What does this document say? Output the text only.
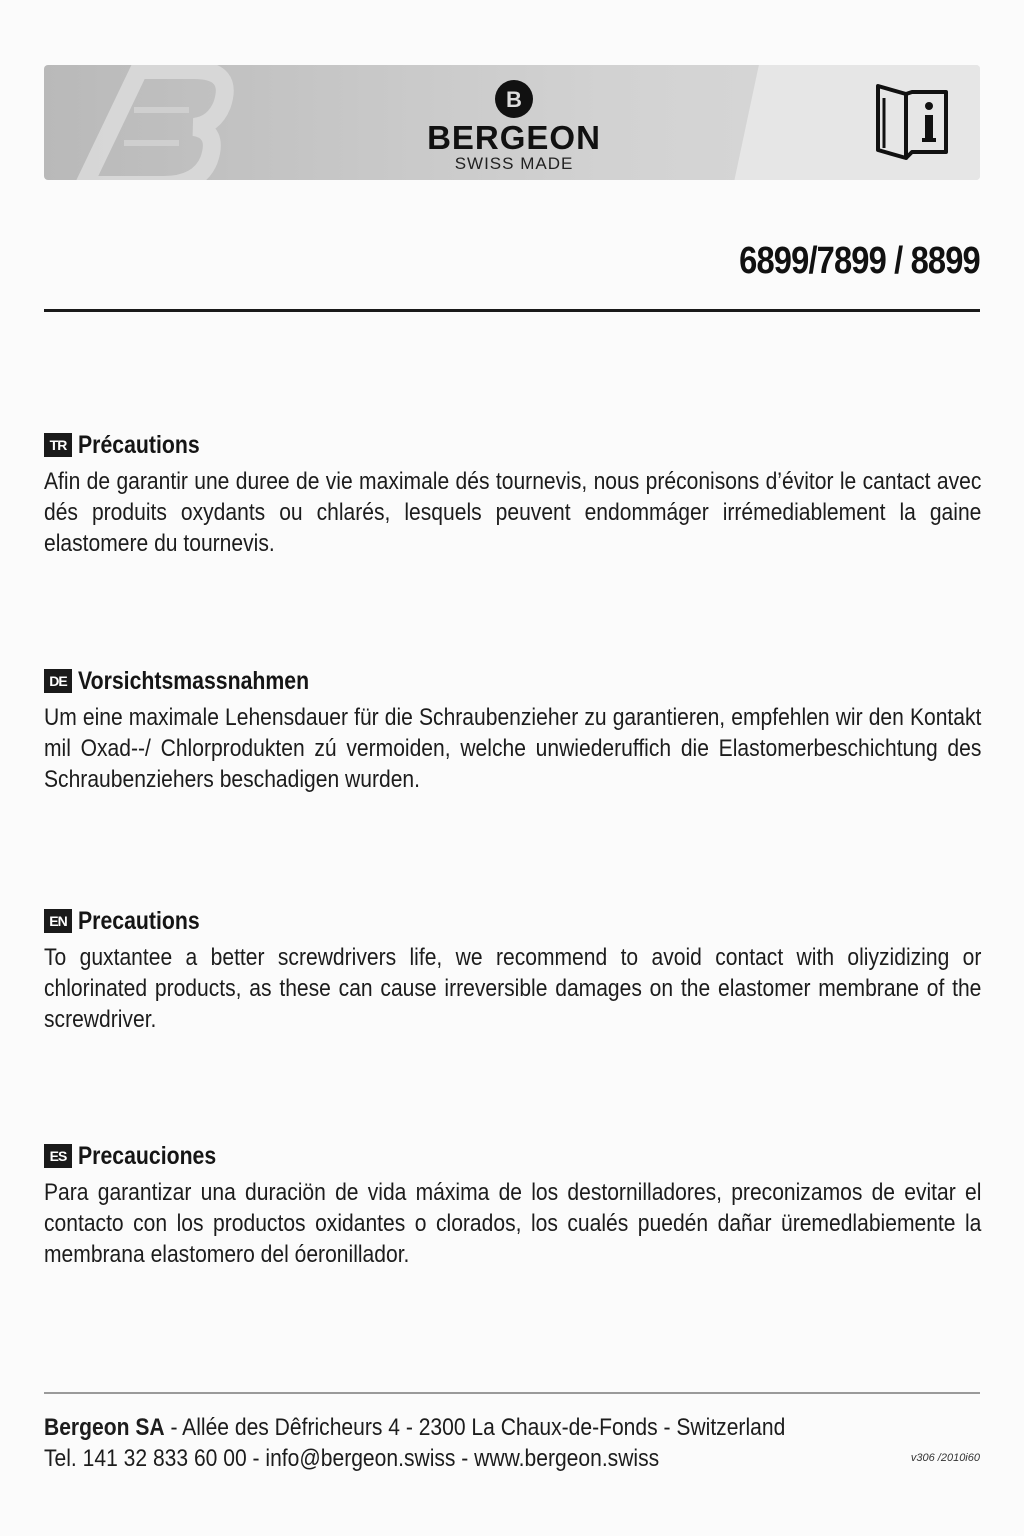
B
BERGEON
SWISS MADE
6899/7899 / 8899
TR Précautions
Afin de garantir une duree de vie maximale dés tournevis, nous préconisons d’évitor le cantact avec dés produits oxydants ou chlarés, lesquels peuvent endommáger irrémediablement la gaine elastomere du tournevis.
DE Vorsichtsmassnahmen
Um eine maximale Lehensdauer für die Schraubenzieher zu garantieren, empfehlen wir den Kontakt mil Oxad--/ Chlorprodukten zú vermoiden, welche unwiederuffich die Elastomerbeschichtung des Schraubenziehers beschadigen wurden.
EN Precautions
To guxtantee a better screwdrivers life, we recommend to avoid contact with oliyzidizing or chlorinated products, as these can cause irreversible damages on the elastomer membrane of the screwdriver.
ES Precauciones
Para garantizar una duraciön de vida máxima de los destornilladores, preconizamos de evitar el contacto con los productos oxidantes o clorados, los cualés puedén dañar üremedlabiemente la membrana elastomero del óeronillador.
Bergeon SA - Allée des Dêfricheurs 4 - 2300 La Chaux-de-Fonds - Switzerland
Tel. 141 32 833 60 00 - info@bergeon.swiss - www.bergeon.swiss	v306 /2010i60
